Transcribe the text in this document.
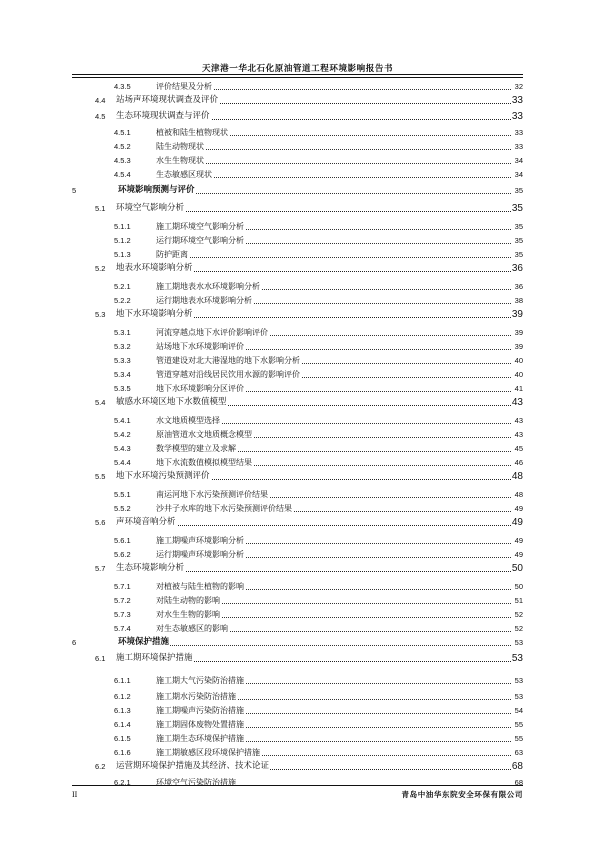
天津港一华北石化原油管道工程环境影响报告书
4.3.5	评价结果及分析	32
4.4 站场声环境现状调查及评价	33
4.5 生态环境现状调查与评价	33
4.5.1	植被和陆生植物现状	33
4.5.2	陆生动物现状	33
4.5.3	水生生物现状	34
4.5.4	生态敏感区现状	34
5	环境影响预测与评价	35
5.1 环境空气影响分析	35
5.1.1	施工期环境空气影响分析	35
5.1.2	运行期环境空气影响分析	35
5.1.3	防护距离	35
5.2 地表水环境影响分析	36
5.2.1	施工期地表水水环境影响分析	36
5.2.2	运行期地表水环境影响分析	38
5.3 地下水环境影响分析	39
5.3.1	河流穿越点地下水评价影响评价	39
5.3.2	站场地下水环境影响评价	39
5.3.3	管道建设对北大港湿地的地下水影响分析	40
5.3.4	管道穿越对沿线居民饮用水源的影响评价	40
5.3.5	地下水环境影响分区评价	41
5.4 敏感水环境区地下水数值模型	43
5.4.1	水文地质模型选择	43
5.4.2	原油管道水文地质概念模型	43
5.4.3	数学模型的建立及求解	45
5.4.4	地下水流数值模拟模型结果	46
5.5 地下水环境污染预测评价	48
5.5.1	南运河地下水污染预测评价结果	48
5.5.2	沙井子水库的地下水污染预测评价结果	49
5.6 声环境音响分析	49
5.6.1	施工期噪声环境影响分析	49
5.6.2	运行期噪声环境影响分析	49
5.7 生态环境影响分析	50
5.7.1	对植被与陆生植物的影响	50
5.7.2	对陆生动物的影响	51
5.7.3	对水生生物的影响	52
5.7.4	对生态敏感区的影响	52
6	环境保护措施	53
6.1 施工期环境保护措施	53
6.1.1	施工期大气污染防治措施	53
6.1.2	施工期水污染防治措施	53
6.1.3	施工期噪声污染防治措施	54
6.1.4	施工期固体废物处置措施	55
6.1.5	施工期生态环境保护措施	55
6.1.6	施工期敏感区段环境保护措施	63
6.2 运营期环境保护措施及其经济、技术论证	68
6.2.1	环境空气污染防治措施	68
II	青岛中油华东院安全环保有限公司
